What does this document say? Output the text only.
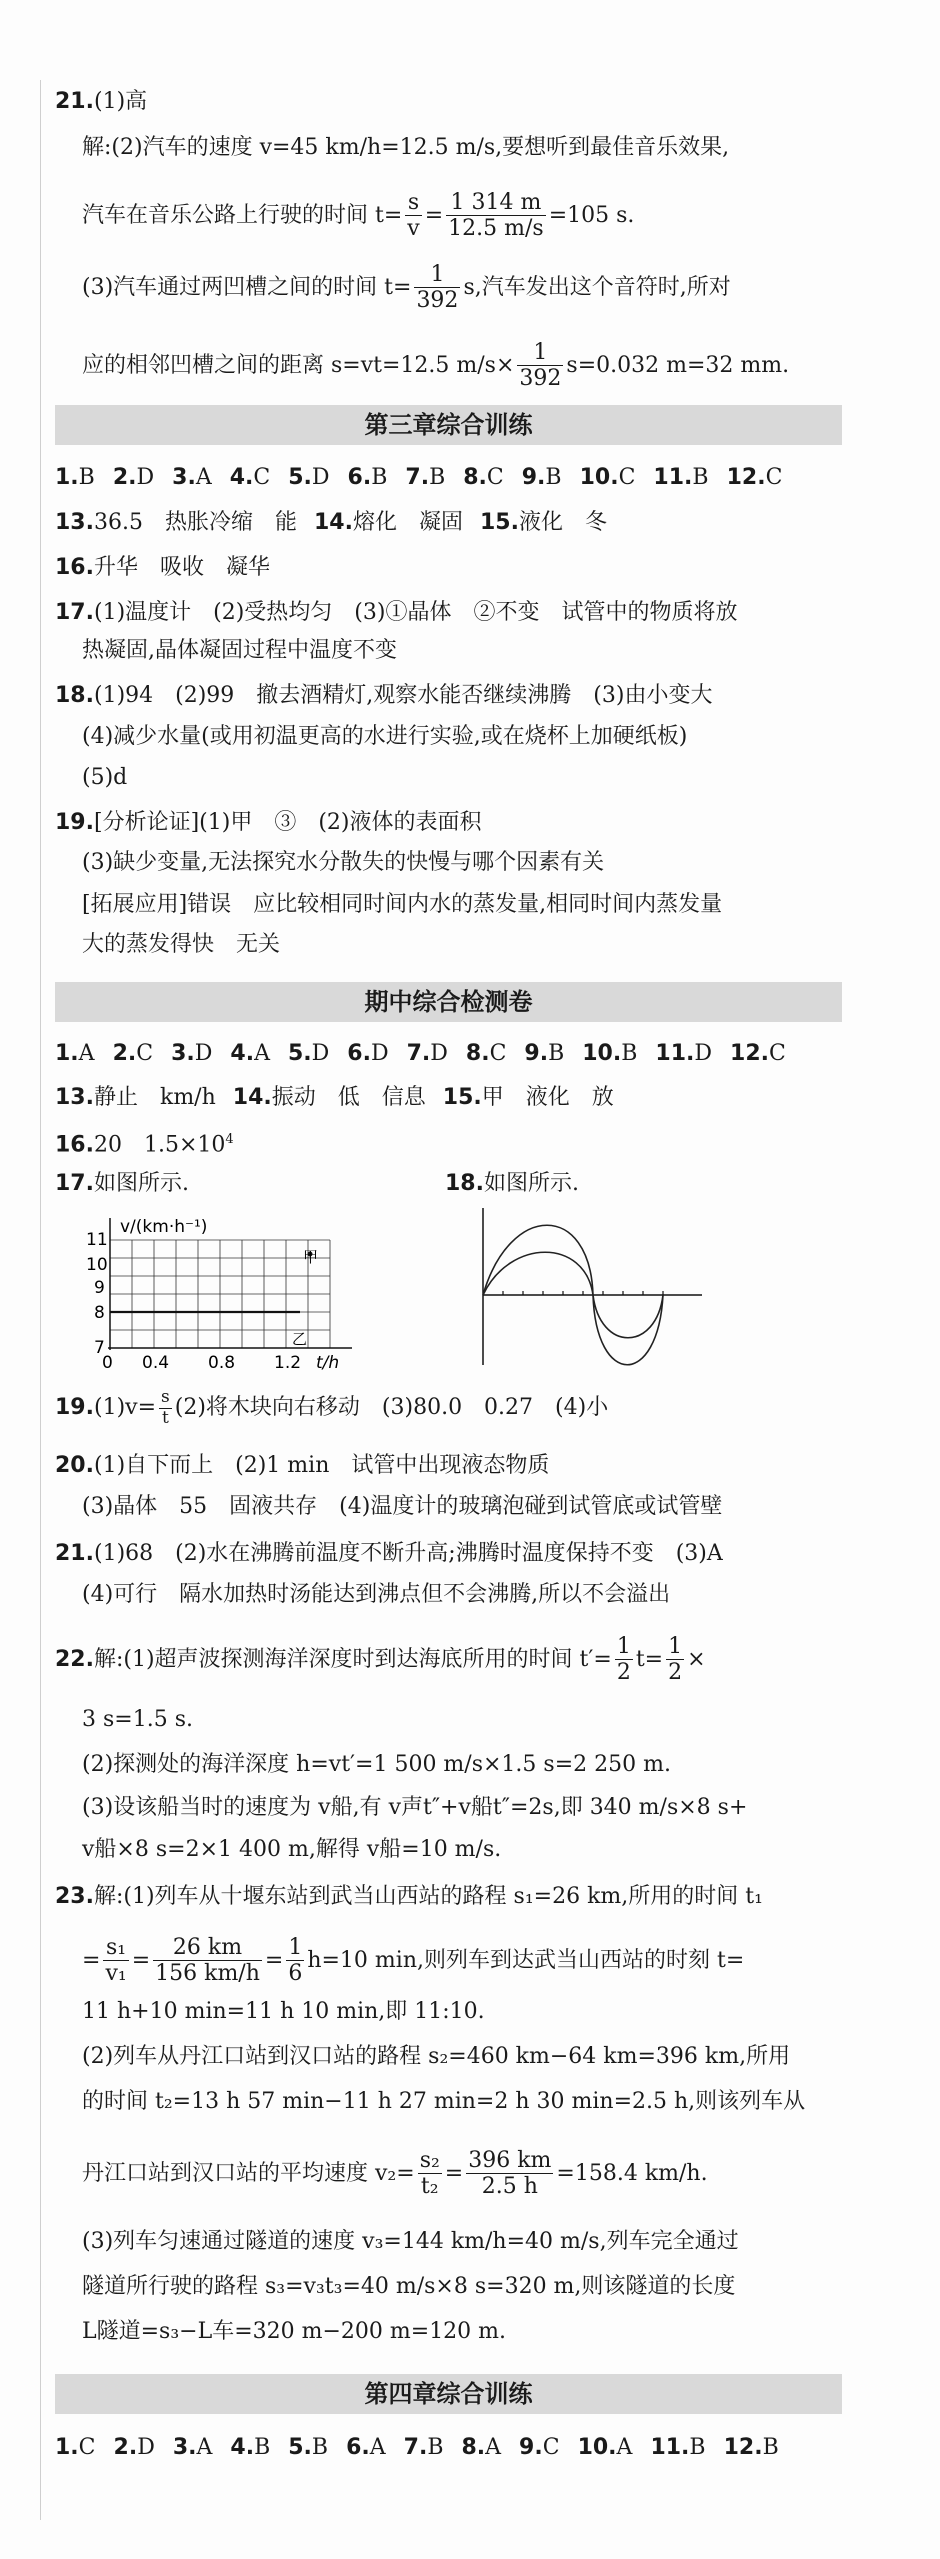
21.(1)高
解:(2)汽车的速度 v=45 km/h=12.5 m/s,要想听到最佳音乐效果,
汽车在音乐公路上行驶的时间 $t= \frac{s}{v} = \frac{1 314 m}{12.5 m/s} =105$ s.
(3)汽车通过两凹槽之间的时间 $t= \frac{1}{392} s$,汽车发出这个音符时,所对
应的相邻凹槽之间的距离 s=vt=12.5 $m/s\times \frac{1}{392} s=0.032$ m=32 mm.
第三章综合训练
1.B 2.D 3.A 4.C 5.D 6.B 7.B 8.C 9.B 10.C 11.B 12.C
13.36.5　热胀冷缩　能 14.熔化　凝固 15.液化　冬
16.升华　吸收　凝华
17.(1)温度计　(2)受热均匀　(3)①晶体　②不变　试管中的物质将放
热凝固,晶体凝固过程中温度不变
18.(1)94　(2)99　撤去酒精灯,观察水能否继续沸腾　(3)由小变大
(4)减少水量(或用初温更高的水进行实验,或在烧杯上加硬纸板)
(5)d
19.[分析论证](1)甲　③　(2)液体的表面积
(3)缺少变量,无法探究水分散失的快慢与哪个因素有关
[拓展应用]错误　应比较相同时间内水的蒸发量,相同时间内蒸发量
大的蒸发得快　无关
期中综合检测卷
1.A 2.C 3.D 4.A 5.D 6.D 7.D 8.C 9.B 10.B 11.D 12.C
13.静止　km/h 14.振动　低　信息 15.甲　液化　放
16.20　$1.5\times 10^4$
17.如图所示.	18.如图所示.
v/(km·h⁻¹)
甲
乙
11
10
9
8
7
0 0.4 0.8 1.2 t/h
$19.(1)v= \frac{s}{t} (2)$将木块向右移动　(3)80.0　0.27　(4)小
20.(1)自下而上　(2)1 min　试管中出现液态物质
(3)晶体　55　固液共存　(4)温度计的玻璃泡碰到试管底或试管壁
21.(1)68　(2)水在沸腾前温度不断升高;沸腾时温度保持不变　(3)A
(4)可行　隔水加热时汤能达到沸点但不会沸腾,所以不会溢出
22.解:(1)超声波探测海洋深度时到达海底所用的时间 $t'= \frac{1}{2} t= \frac{1}{2}$ ×
3 s=1.5 s.
(2)探测处的海洋深度 h=vt′=1 500 m/s×1.5 s=2 250 m.
(3)设该船当时的速度为 v船,有 v声t″+v船t″=2s,即 340 m/s×8 s+
v船×8 s=2×1 400 m,解得 v船=10 m/s.
23.解:(1)列车从十堰东站到武当山西站的路程 s₁=26 km,所用的时间 t₁
= $\frac{\text{s₁}}{\text{v₁}} = \frac{26 km}{156 km/h} = \frac{1}{6} h=10$ min,则列车到达武当山西站的时刻 t=
11 h+10 min=11 h 10 min,即 11:10.
(2)列车从丹江口站到汉口站的路程 s₂=460 km−64 km=396 km,所用
的时间 t₂=13 h 57 min−11 h 27 min=2 h 30 min=2.5 h,则该列车从
丹江口站到汉口站的平均速度 $v_2= \frac{\text{s₂}}{\text{t₂}} = \frac{396 km}{2.5 h} =158.4$ km/h.
(3)列车匀速通过隧道的速度 v₃=144 km/h=40 m/s,列车完全通过
隧道所行驶的路程 s₃=v₃t₃=40 m/s×8 s=320 m,则该隧道的长度
L隧道=s₃−L车=320 m−200 m=120 m.
第四章综合训练
1.C 2.D 3.A 4.B 5.B 6.A 7.B 8.A 9.C 10.A 11.B 12.B
